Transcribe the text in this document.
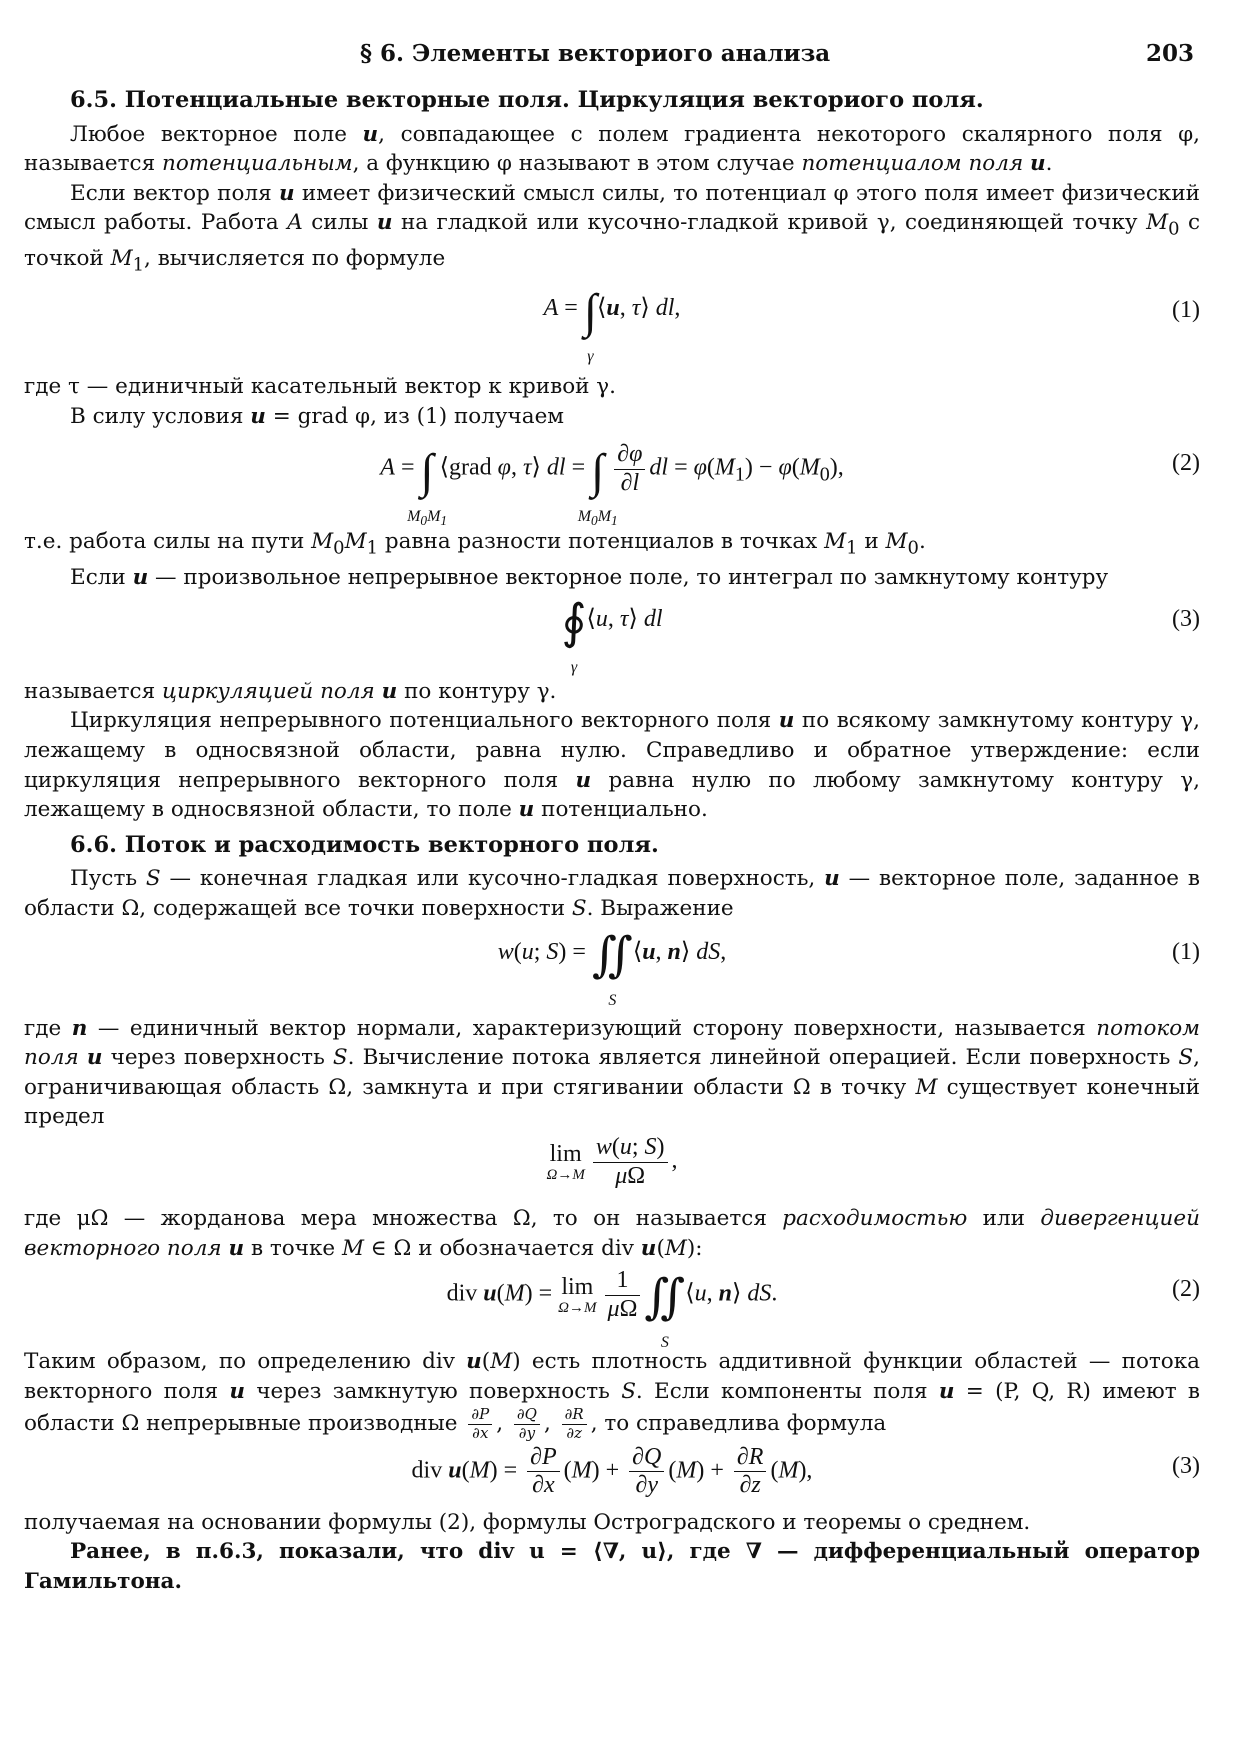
§ 6. Элементы векториого анализа	203
6.5. Потенциальные векторные поля. Циркуляция векториого поля.

Любое векторное поле u, совпадающее с полем градиента некоторого скалярного поля φ, называется потенциальным, а функцию φ называют в этом случае потенциалом поля u.

Если вектор поля u имеет физический смысл силы, то потенциал φ этого поля имеет физический смысл работы. Работа A силы u на гладкой или кусочно-гладкой кривой γ, соединяющей точку $M_0$ с точкой $M_1$, вычисляется по формуле

A = ∫
γ
⟨u, τ⟩ dl,	(1)

где τ — единичный касательный вектор к кривой γ.

В силу условия u = grad φ, из (1) получаем

A = ∫
$M_0M_1$
⟨grad φ, τ⟩ dl = ∫
$M_0M_1$

$\frac{\partial\varphi}{\partial l}$ dl = $\varphi(M_1) - \varphi(M_0)$,	(2)

т.е. работа силы на пути $M_0M_1$ равна разности потенциалов в точках $M_1$ и $M_0$.

Если u — произвольное непрерывное векторное поле, то интеграл по замкнутому контуру

∮
γ
⟨u, τ⟩ dl	(3)

называется циркуляцией поля u по контуру γ.

Циркуляция непрерывного потенциального векторного поля u по всякому замкнутому контуру γ, лежащему в односвязной области, равна нулю. Справедливо и обратное утверждение: если циркуляция непрерывного векторного поля u равна нулю по любому замкнутому контуру γ, лежащему в односвязной области, то поле u потенциально.

6.6. Поток и расходимость векторного поля.

Пусть S — конечная гладкая или кусочно-гладкая поверхность, u — векторное поле, заданное в области Ω, содержащей все точки поверхности S. Выражение

w(u; S) = ∬
S
⟨u, n⟩ dS,	(1)

где n — единичный вектор нормали, характеризующий сторону поверхности, называется потоком поля u через поверхность S. Вычисление потока является линейной операцией. Если поверхность S, ограничивающая область Ω, замкнута и при стягивании области Ω в точку M существует конечный предел

lim
$\Omega\to M \frac{w(u; S)}{\mu\Omega}$ ,

где μΩ — жорданова мера множества Ω, то он называется расходимостью или дивергенцией векторного поля u в точке M ∈ Ω и обозначается div u(M):

div u(M) = lim
$\Omega\to M \frac{1}{\mu\Omega}$ ∬
S
⟨u, n⟩ dS.	(2)

Таким образом, по определению div u(M) есть плотность аддитивной функции областей — потока векторного поля u через замкнутую поверхность S. Если компоненты поля u = (P, Q, R) имеют в области Ω непрерывные производные $\frac{\partial P}{\partial x}$ , $\frac{\partial Q}{\partial y}$ , $\frac{\partial R}{\partial z}$ , то справедлива формула

div $u(M) = \frac{\partial P}{\partial x} (M) + \frac{\partial Q}{\partial y} (M) + \frac{\partial R}{\partial z} (M)$,	(3)

получаемая на основании формулы (2), формулы Остроградского и теоремы о среднем.

Ранее, в п.6.3, показали, что div u = ⟨∇, u⟩, где ∇ — дифференциальный оператор Гамильтона.
